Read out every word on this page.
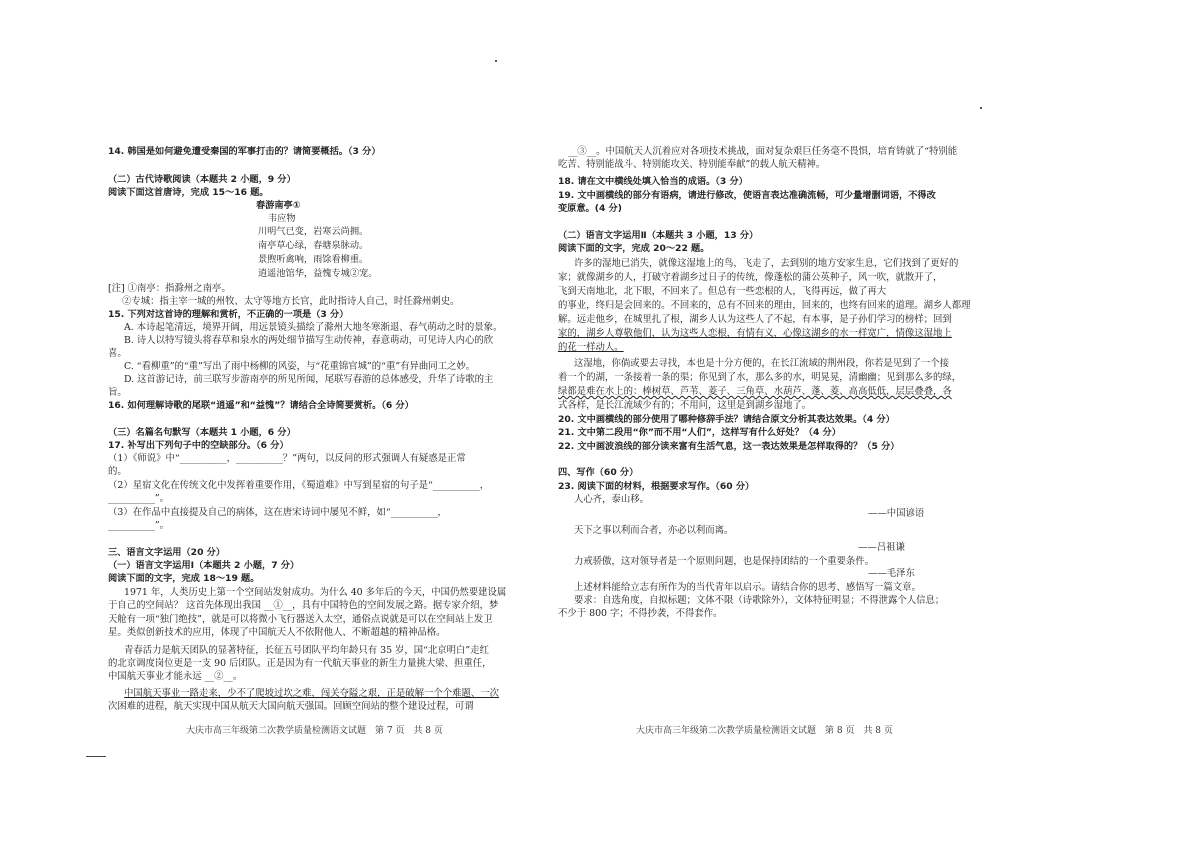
14. 韩国是如何避免遭受秦国的军事打击的？请简要概括。（3 分）
（二）古代诗歌阅读（本题共 2 小题，9 分）
阅读下面这首唐诗，完成 15～16 题。
春游南亭①
韦应物
川明气已变，岩寒云尚拥。
南亭草心绿，春塘泉脉动。
景煦听禽响，雨馀看柳重。
逍遥池馆华，益愧专城②宠。
[注] ①南亭：指滁州之南亭。
②专城：指主宰一城的州牧、太守等地方长官，此时指诗人自己，时任滁州刺史。
15. 下列对这首诗的理解和赏析，不正确的一项是（3 分）
A. 本诗起笔清远，境界开阔，用远景镜头描绘了滁州大地冬寒渐退、春气萌动之时的景象。
B. 诗人以特写镜头将春草和泉水的两处细节描写生动传神，春意萌动，可见诗人内心的欣
喜。
C. “看柳重”的“重”写出了雨中杨柳的风姿，与“花重锦官城”的“重”有异曲同工之妙。
D. 这首游记诗，前三联写步游南亭的所见所闻，尾联写春游的总体感受，升华了诗歌的主
旨。
16. 如何理解诗歌的尾联“逍遥”和“益愧”？请结合全诗简要赏析。（6 分）
（三）名篇名句默写（本题共 1 小题，6 分）
17. 补写出下列句子中的空缺部分。（6 分）
（1）《师说》中“__________，__________？”两句，以反问的形式强调人有疑惑是正常
的。
（2）星宿文化在传统文化中发挥着重要作用，《蜀道难》中写到星宿的句子是“__________，
__________”。
（3）在作品中直接提及自己的病体，这在唐宋诗词中屡见不鲜，如“__________，
__________”。
三、语言文字运用（20 分）
（一）语言文字运用Ⅰ（本题共 2 小题，7 分）
阅读下面的文字，完成 18～19 题。
1971 年，人类历史上第一个空间站发射成功。为什么 40 多年后的今天，中国仍然要建设属
于自己的空间站？ 这首先体现出我国 __①__，具有中国特色的空间发展之路。据专家介绍，梦
天舱有一项“独门绝技”，就是可以将微小飞行器送入太空，通俗点说就是可以在空间站上发卫
星。类似创新技术的应用，体现了中国航天人不依附他人、不断超越的精神品格。
青春活力是航天团队的显著特征，长征五号团队平均年龄只有 35 岁，国“北京明白”走红
的北京调度岗位更是一支 90 后团队。正是因为有一代航天事业的新生力量挑大梁、担重任，
中国航天事业才能永远 __②__。
中国航天事业一路走来，少不了爬坡过坎之难，闯关夺隘之艰，正是破解一个个难题、一次
次困难的进程，航天实现中国从航天大国向航天强国。回顾空间站的整个建设过程，可谓
大庆市高三年级第二次教学质量检测语文试题　第 7 页　共 8 页
__③__。中国航天人沉着应对各项技术挑战，面对复杂艰巨任务毫不畏惧，培育铸就了“特别能
吃苦、特别能战斗、特别能攻关、特别能奉献”的载人航天精神。
18. 请在文中横线处填入恰当的成语。（3 分）
19. 文中画横线的部分有语病，请进行修改，使语言表达准确流畅，可少量增删词语，不得改
变原意。(4 分)
（二）语言文字运用Ⅱ（本题共 3 小题，13 分）
阅读下面的文字，完成 20～22 题。
许多的湿地已消失，就像这湿地上的鸟，飞走了，去到别的地方安家生息，它们找到了更好的
家；就像湖乡的人，打破守着湖乡过日子的传统，像蓬松的蒲公英种子，风一吹，就散开了，
飞到天南地北，北下眼，不回来了。但总有一些恋根的人，飞得再远，做了再大
的事业，终归是会回来的。不回来的，总有不回来的理由，回来的，也终有回来的道理。湖乡人都理
解。远走他乡，在城里扎了根，湖乡人认为这些人了不起，有本事，是子孙们学习的榜样；回到
家的，湖乡人尊敬他们，认为这些人恋根，有情有义，心像这湖乡的水一样宽广，情像这湿地上
的花一样动人。
这湿地，你倘或要去寻找，本也是十分方便的，在长江流域的荆州段，你若是见到了一个接
着一个的湖，一条接着一条的渠；你见到了水，那么多的水，明晃晃，清幽幽；见到那么多的绿，
绿都是难在水上的：棒树草、芦苇、菱子、三角草、水葫芦、蓬、菱、高高低低，层层叠叠，各
式各样，是长江流域少有的；不用问，这里是到湖乡湿地了。
20. 文中画横线的部分使用了哪种修辞手法？请结合原文分析其表达效果。（4 分）
21. 文中第二段用“你”而不用“人们”，这样写有什么好处？（4 分）
22. 文中画波浪线的部分读来富有生活气息，这一表达效果是怎样取得的？（5 分）
四、写作（60 分）
23. 阅读下面的材料，根据要求写作。（60 分）
人心齐，泰山移。
——中国谚语
天下之事以利而合者，亦必以利而离。
——吕祖谦
力戒骄傲，这对领导者是一个原则问题，也是保持团结的一个重要条件。
——毛泽东
上述材料能给立志有所作为的当代青年以启示。请结合你的思考、感悟写一篇文章。
要求：自选角度，自拟标题；文体不限（诗歌除外），文体特征明显；不得泄露个人信息；
不少于 800 字；不得抄袭，不得套作。
大庆市高三年级第二次教学质量检测语文试题　第 8 页　共 8 页
